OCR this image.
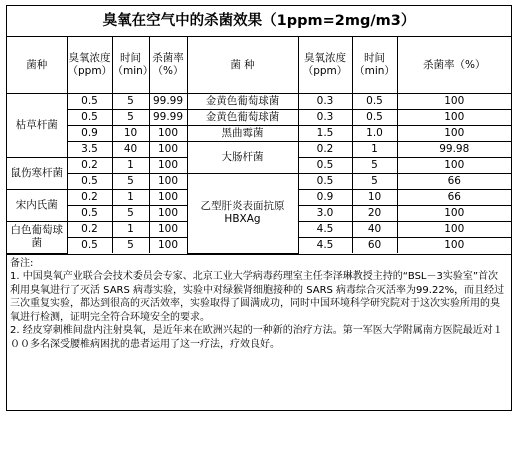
臭氧在空气中的杀菌效果（1ppm=2mg/m3）
菌种	臭氧浓度（ppm）	时间（min）	杀菌率（%）	菌 种	臭氧浓度（ppm）	时间（min）	杀菌率（%）
枯草杆菌	0.5	5	99.99	金黄色葡萄球菌	0.3	0.5	100
	0.5	5	99.99	金黄色葡萄球菌	0.3	0.5	100
	0.9	10	100	黑曲霉菌	1.5	1.0	100
	3.5	40	100	大肠杆菌	0.2	1	99.98
鼠伤寒杆菌	0.2	1	100		0.5	5	100
	0.5	5	100	乙型肝炎表面抗原HBXAg	0.5	5	66
宋内氏菌	0.2	1	100		0.9	10	66
	0.5	5	100		3.0	20	100
白色葡萄球菌	0.2	1	100		4.5	40	100
	0.5	5	100		4.5	60	100

备注:

1. 中国臭氧产业联合会技术委员会专家、北京工业大学病毒药理室主任李泽琳教授主持的“BSL－3实验室”首次利用臭氧进行了灭活 SARS 病毒实验，实验中对绿猴肾细胞接种的 SARS 病毒综合灭活率为99.22%，而且经过三次重复实验，都达到很高的灭活效率，实验取得了圆满成功，同时中国环境科学研究院对于这次实验所用的臭氧进行检测，证明完全符合环境安全的要求。

2. 经皮穿刺椎间盘内注射臭氧，是近年来在欧洲兴起的一种新的治疗方法。第一军医大学附属南方医院最近对１００多名深受腰椎病困扰的患者运用了这一疗法，疗效良好。
